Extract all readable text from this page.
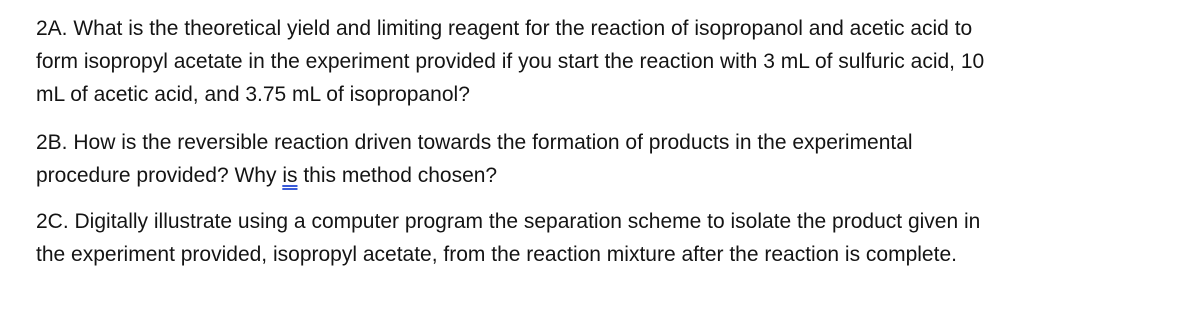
2A. What is the theoretical yield and limiting reagent for the reaction of isopropanol and acetic acid to
form isopropyl acetate in the experiment provided if you start the reaction with 3 mL of sulfuric acid, 10
mL of acetic acid, and 3.75 mL of isopropanol?

2B. How is the reversible reaction driven towards the formation of products in the experimental
procedure provided? Why is this method chosen?

2C. Digitally illustrate using a computer program the separation scheme to isolate the product given in
the experiment provided, isopropyl acetate, from the reaction mixture after the reaction is complete.
